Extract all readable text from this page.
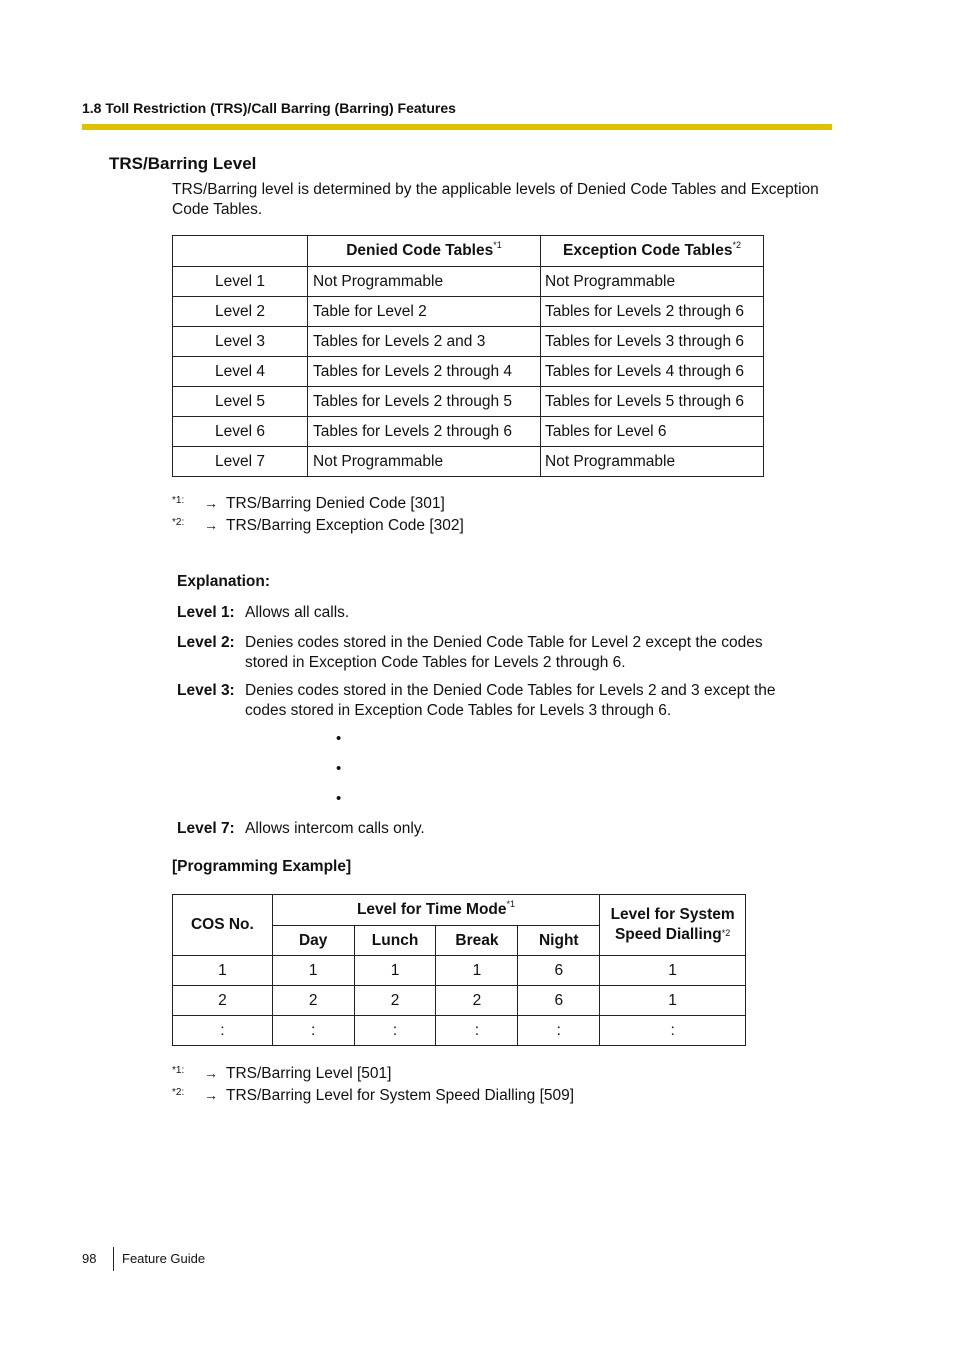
1.8 Toll Restriction (TRS)/Call Barring (Barring) Features
TRS/Barring Level
TRS/Barring level is determined by the applicable levels of Denied Code Tables and Exception Code Tables.
	Denied Code Tables$^{*1}$	Exception Code Tables$^{*2}$
Level 1	Not Programmable	Not Programmable
Level 2	Table for Level 2	Tables for Levels 2 through 6
Level 3	Tables for Levels 2 and 3	Tables for Levels 3 through 6
Level 4	Tables for Levels 2 through 4	Tables for Levels 4 through 6
Level 5	Tables for Levels 2 through 5	Tables for Levels 5 through 6
Level 6	Tables for Levels 2 through 6	Tables for Level 6
Level 7	Not Programmable	Not Programmable
*1: → TRS/Barring Denied Code [301]
*2: → TRS/Barring Exception Code [302]
Explanation:
Level 1: Allows all calls.
Level 2: Denies codes stored in the Denied Code Table for Level 2 except the codes stored in Exception Code Tables for Levels 2 through 6.
Level 3: Denies codes stored in the Denied Code Tables for Levels 2 and 3 except the codes stored in Exception Code Tables for Levels 3 through 6.
•
•
•
Level 7: Allows intercom calls only.
[Programming Example]
COS No.	Level for Time Mode$^{*1}$				Level for System
Speed Dialling$^{*2}$
	Day	Lunch	Break	Night	
1	1	1	1	6	1
2	2	2	2	6	1
:	:	:	:	:	:
*1: → TRS/Barring Level [501]
*2: → TRS/Barring Level for System Speed Dialling [509]
98 Feature Guide
